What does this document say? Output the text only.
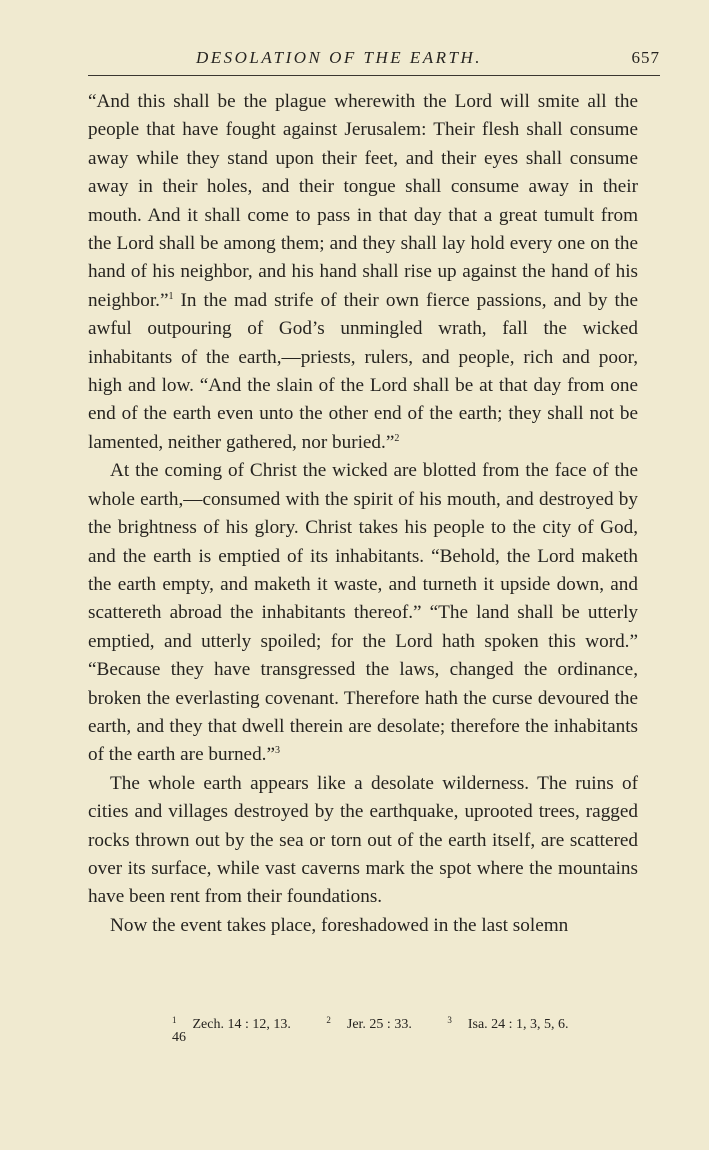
DESOLATION OF THE EARTH.	657

“And this shall be the plague wherewith the Lord will smite all the people that have fought against Jerusalem: Their flesh shall consume away while they stand upon their feet, and their eyes shall consume away in their holes, and their tongue shall consume away in their mouth. And it shall come to pass in that day that a great tumult from the Lord shall be among them; and they shall lay hold every one on the hand of his neighbor, and his hand shall rise up against the hand of his neighbor.”$^1$ In the mad strife of their own fierce passions, and by the awful outpouring of God’s unmingled wrath, fall the wicked inhabitants of the earth,—priests, rulers, and people, rich and poor, high and low. “And the slain of the Lord shall be at that day from one end of the earth even unto the other end of the earth; they shall not be lamented, neither gathered, nor buried.”$^2$

At the coming of Christ the wicked are blotted from the face of the whole earth,—consumed with the spirit of his mouth, and destroyed by the brightness of his glory. Christ takes his people to the city of God, and the earth is emptied of its inhabitants. “Behold, the Lord maketh the earth empty, and maketh it waste, and turneth it upside down, and scattereth abroad the inhabitants thereof.” “The land shall be utterly emptied, and utterly spoiled; for the Lord hath spoken this word.” “Because they have transgressed the laws, changed the ordinance, broken the everlasting covenant. Therefore hath the curse devoured the earth, and they that dwell therein are desolate; therefore the inhabitants of the earth are burned.”$^3$

The whole earth appears like a desolate wilderness. The ruins of cities and villages destroyed by the earthquake, uprooted trees, ragged rocks thrown out by the sea or torn out of the earth itself, are scattered over its surface, while vast caverns mark the spot where the mountains have been rent from their foundations.

Now the event takes place, foreshadowed in the last solemn

$^1$ Zech. 14 : 12, 13.	$^2$ Jer. 25 : 33.	$^3$ Isa. 24 : 1, 3, 5, 6.
46
